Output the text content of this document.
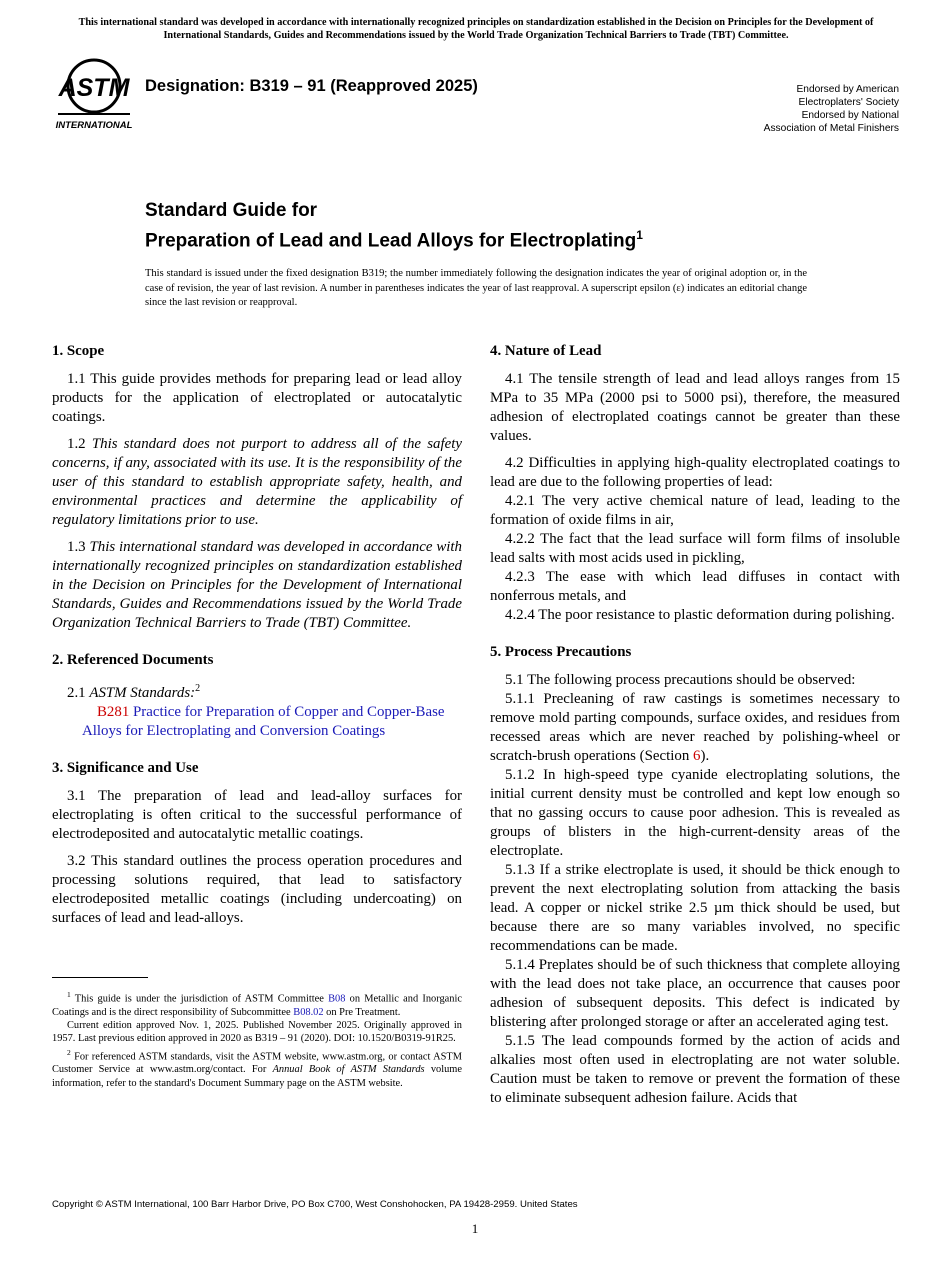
This international standard was developed in accordance with internationally recognized principles on standardization established in the Decision on Principles for the Development of International Standards, Guides and Recommendations issued by the World Trade Organization Technical Barriers to Trade (TBT) Committee.
ASTM
INTERNATIONAL
Designation: B319 – 91 (Reapproved 2025)	Endorsed by American
Electroplaters' Society
Endorsed by National
Association of Metal Finishers
Standard Guide for
Preparation of Lead and Lead Alloys for Electroplating$^1$
This standard is issued under the fixed designation B319; the number immediately following the designation indicates the year of original adoption or, in the case of revision, the year of last revision. A number in parentheses indicates the year of last reapproval. A superscript epsilon (ε) indicates an editorial change since the last revision or reapproval.
1. Scope

1.1 This guide provides methods for preparing lead or lead alloy products for the application of electroplated or autocatalytic coatings.

1.2 This standard does not purport to address all of the safety concerns, if any, associated with its use. It is the responsibility of the user of this standard to establish appropriate safety, health, and environmental practices and determine the applicability of regulatory limitations prior to use.

1.3 This international standard was developed in accordance with internationally recognized principles on standardization established in the Decision on Principles for the Development of International Standards, Guides and Recommendations issued by the World Trade Organization Technical Barriers to Trade (TBT) Committee.

2. Referenced Documents

2.1 ASTM Standards:$^2$

B281 Practice for Preparation of Copper and Copper-Base Alloys for Electroplating and Conversion Coatings

3. Significance and Use

3.1 The preparation of lead and lead-alloy surfaces for electroplating is often critical to the successful performance of electrodeposited and autocatalytic metallic coatings.

3.2 This standard outlines the process operation procedures and processing solutions required, that lead to satisfactory electrodeposited metallic coatings (including undercoating) on surfaces of lead and lead-alloys.

4. Nature of Lead

4.1 The tensile strength of lead and lead alloys ranges from 15 MPa to 35 MPa (2000 psi to 5000 psi), therefore, the measured adhesion of electroplated coatings cannot be greater than these values.

4.2 Difficulties in applying high-quality electroplated coatings to lead are due to the following properties of lead:

4.2.1 The very active chemical nature of lead, leading to the formation of oxide films in air,

4.2.2 The fact that the lead surface will form films of insoluble lead salts with most acids used in pickling,

4.2.3 The ease with which lead diffuses in contact with nonferrous metals, and

4.2.4 The poor resistance to plastic deformation during polishing.

5. Process Precautions

5.1 The following process precautions should be observed:

5.1.1 Precleaning of raw castings is sometimes necessary to remove mold parting compounds, surface oxides, and residues from recessed areas which are never reached by polishing-wheel or scratch-brush operations (Section 6).

5.1.2 In high-speed type cyanide electroplating solutions, the initial current density must be controlled and kept low enough so that no gassing occurs to cause poor adhesion. This is revealed as groups of blisters in the high-current-density areas of the electroplate.

5.1.3 If a strike electroplate is used, it should be thick enough to prevent the next electroplating solution from attacking the basis lead. A copper or nickel strike 2.5 µm thick should be used, but because there are so many variables involved, no specific recommendations can be made.

5.1.4 Preplates should be of such thickness that complete alloying with the lead does not take place, an occurrence that causes poor adhesion of subsequent deposits. This defect is indicated by blistering after prolonged storage or after an accelerated aging test.

5.1.5 The lead compounds formed by the action of acids and alkalies most often used in electroplating are not water soluble. Caution must be taken to remove or prevent the formation of these to eliminate subsequent adhesion failure. Acids that

$^1$ This guide is under the jurisdiction of ASTM Committee B08 on Metallic and Inorganic Coatings and is the direct responsibility of Subcommittee B08.02 on Pre Treatment.

Current edition approved Nov. 1, 2025. Published November 2025. Originally approved in 1957. Last previous edition approved in 2020 as B319 – 91 (2020). DOI: 10.1520/B0319-91R25.

$^2$ For referenced ASTM standards, visit the ASTM website, www.astm.org, or contact ASTM Customer Service at www.astm.org/contact. For Annual Book of ASTM Standards volume information, refer to the standard's Document Summary page on the ASTM website.

Copyright © ASTM International, 100 Barr Harbor Drive, PO Box C700, West Conshohocken, PA 19428-2959. United States
1
